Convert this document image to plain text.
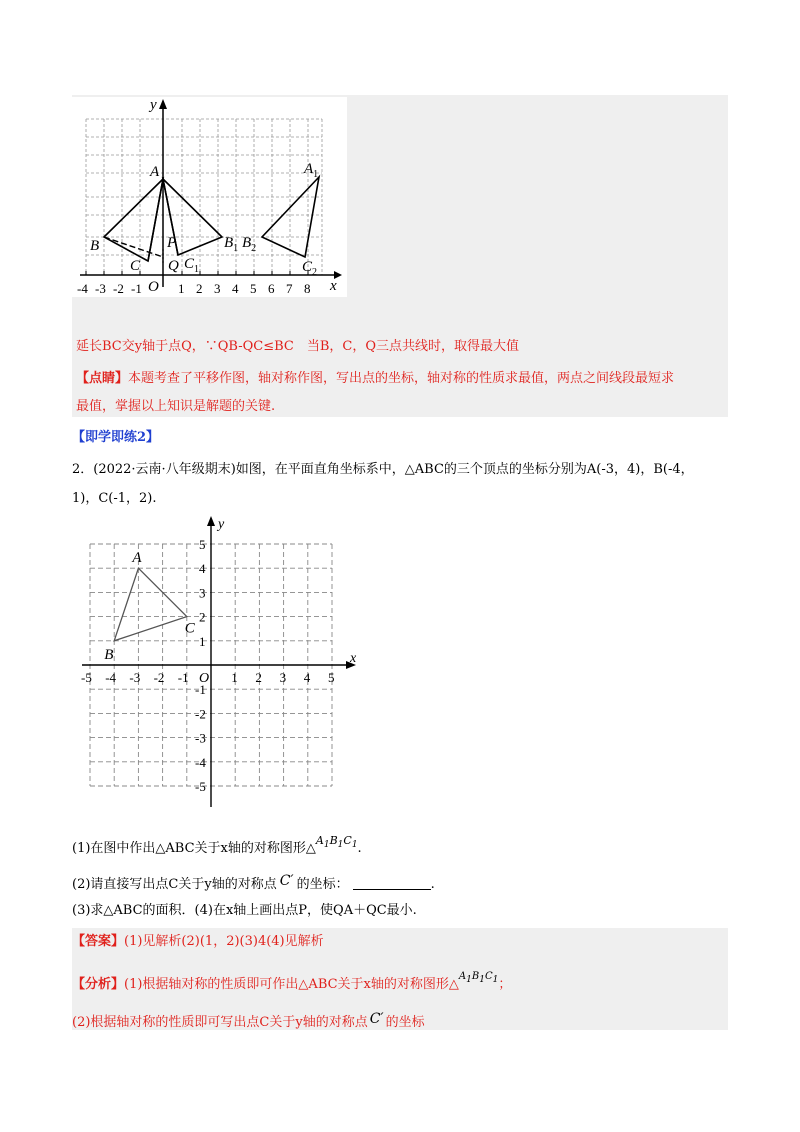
y
x
A
B
C
O
P
Q
$A_1$
$B_1$
$C_1$
$B_2$
$C_2$
-4 -3 -2 -1	1 2 3 4 5 6 7 8
延长BC交y轴于点Q，∵QB-QC≤BC　当B，C，Q三点共线时，取得最大值
【点睛】本题考查了平移作图，轴对称作图，写出点的坐标，轴对称的性质求最值，两点之间线段最短求
最值，掌握以上知识是解题的关键.
【即学即练2】
2．(2022·云南·八年级期末)如图，在平面直角坐标系中，△ABC的三个顶点的坐标分别为A(-3，4)，B(-4，
1)，C(-1，2).
x
y
O
-5 -4 -3 -2 -1	1 2 3 4 5
5
4
3
2
1
-1
-2
-3
-4
-5
A
B
C
(1)在图中作出△ABC关于x轴的对称图形△$^{A_1B_1C_1}$.
(2)请直接写出点C关于y轴的对称点 C′ 的坐标：	.
(3)求△ABC的面积．(4)在x轴上画出点P，使QA＋QC最小.
【答案】(1)见解析(2)(1，2)(3)4(4)见解析
【分析】(1)根据轴对称的性质即可作出△ABC关于x轴的对称图形△$^{A1B1C1}$；
(2)根据轴对称的性质即可写出点C关于y轴的对称点 C′ 的坐标
